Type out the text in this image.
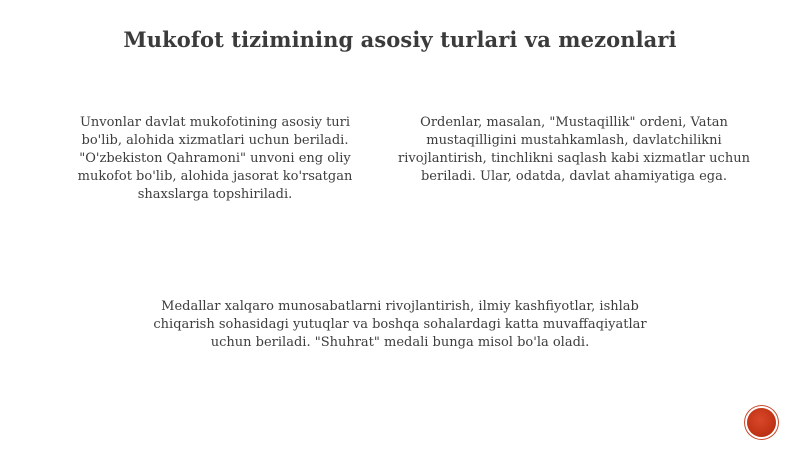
Mukofot tizimining asosiy turlari va mezonlari
Unvonlar davlat mukofotining asosiy turi bo'lib, alohida xizmatlari uchun beriladi. "O'zbekiston Qahramoni" unvoni eng oliy mukofot bo'lib, alohida jasorat ko'rsatgan shaxslarga topshiriladi.
Ordenlar, masalan, "Mustaqillik" ordeni, Vatan mustaqilligini mustahkamlash, davlatchilikni rivojlantirish, tinchlikni saqlash kabi xizmatlar uchun beriladi. Ular, odatda, davlat ahamiyatiga ega.
Medallar xalqaro munosabatlarni rivojlantirish, ilmiy kashfiyotlar, ishlab chiqarish sohasidagi yutuqlar va boshqa sohalardagi katta muvaffaqiyatlar uchun beriladi. "Shuhrat" medali bunga misol bo'la oladi.
